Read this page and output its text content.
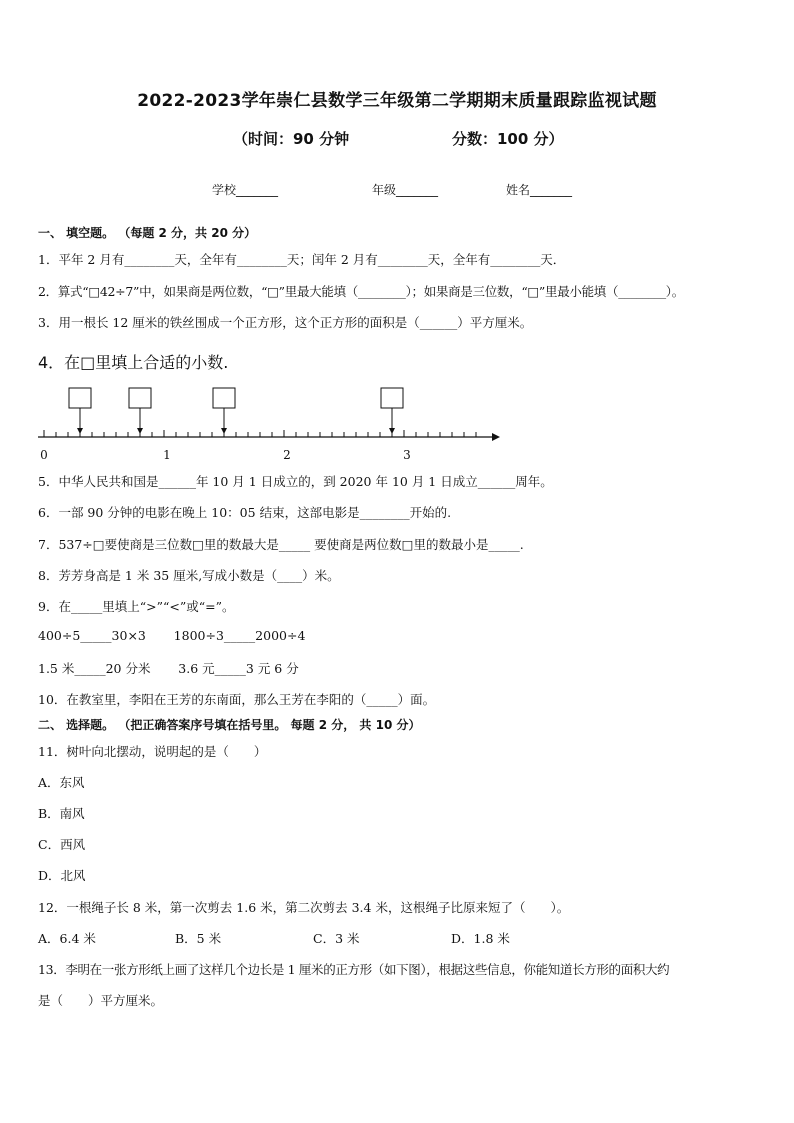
2022-2023学年崇仁县数学三年级第二学期期末质量跟踪监视试题
（时间：90 分钟	分数：100 分）
学校_______	年级_______	姓名_______
一、 填空题。 （每题 2 分，共 20 分）
1．平年 2 月有________天，全年有________天；闰年 2 月有________天，全年有________天．
2．算式“□42÷7”中，如果商是两位数，“□”里最大能填（________）；如果商是三位数，“□”里最小能填（________）。
3．用一根长 12 厘米的铁丝围成一个正方形，这个正方形的面积是（______）平方厘米。
4．在□里填上合适的小数.
0	1	2	3
5．中华人民共和国是______年 10 月 1 日成立的，到 2020 年 10 月 1 日成立______周年。
6．一部 90 分钟的电影在晚上 10：05 结束，这部电影是________开始的.
7．537÷□要使商是三位数□里的数最大是_____ 要使商是两位数□里的数最小是_____.
8．芳芳身高是 1 米 35 厘米,写成小数是（____）米。
9．在_____里填上“>”“<”或“=”。
400÷5_____30×3       1800÷3_____2000÷4
1.5 米_____20 分米       3.6 元_____3 元 6 分
10．在教室里，李阳在王芳的东南面，那么王芳在李阳的（_____）面。
二、 选择题。 （把正确答案序号填在括号里。 每题 2 分， 共 10 分）
11．树叶向北摆动，说明起的是（　　）
A．东风
B．南风
C．西风
D．北风
12．一根绳子长 8 米，第一次剪去 1.6 米，第二次剪去 3.4 米，这根绳子比原来短了（　　）。
A．6.4 米	B．5 米	C．3 米	D．1.8 米
13．李明在一张方形纸上画了这样几个边长是 1 厘米的正方形（如下图），根据这些信息，你能知道长方形的面积大约
是（　　）平方厘米。
